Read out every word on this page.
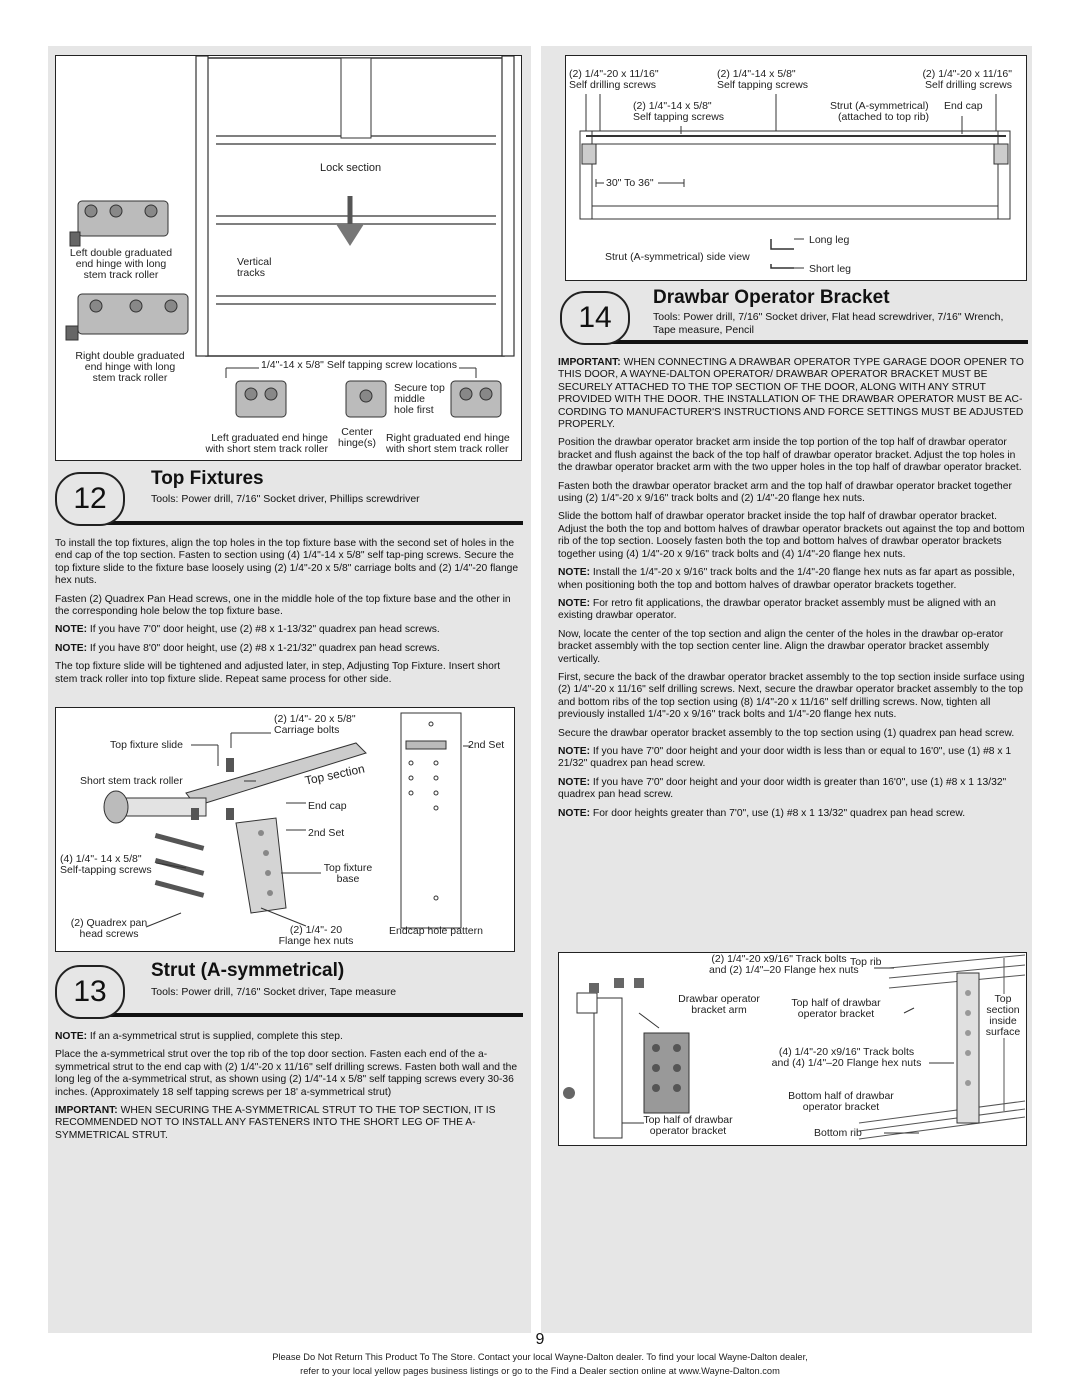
Lock section
Left double graduated
end hinge with long
stem track roller
Vertical
tracks
Right double graduated
end hinge with long
stem track roller
1/4"-14 x 5/8" Self tapping screw locations
Secure top
middle
hole first
Left graduated end hinge
with short stem track roller
Center
hinge(s) Right graduated end hinge
with short stem track roller
12
Top Fixtures
Tools: Power drill, 7/16" Socket driver, Phillips screwdriver

To install the top fixtures, align the top holes in the top fixture base with the second set of holes in the end cap of the top section. Fasten to section using (4) 1/4"-14 x 5/8" self tap-ping screws. Secure the top fixture slide to the fixture base loosely using (2) 1/4"-20 x 5/8" carriage bolts and (2) 1/4"-20 flange hex nuts.

Fasten (2) Quadrex Pan Head screws, one in the middle hole of the top fixture base and the other in the corresponding hole below the top fixture base.

NOTE: If you have 7'0" door height, use (2) #8 x 1-13/32" quadrex pan head screws.

NOTE: If you have 8'0" door height, use (2) #8 x 1-21/32" quadrex pan head screws.

The top fixture slide will be tightened and adjusted later, in step, Adjusting Top Fixture. Insert short stem track roller into top fixture slide. Repeat same process for other side.

(2) 1/4"- 20 x 5/8"
Carriage bolts
Top fixture slide	2nd Set
Short stem track roller	Top section
End cap
2nd Set
(4) 1/4"- 14 x 5/8"
Self-tapping screws	Top fixture
base
(2) Quadrex pan
head screws	(2) 1/4"- 20
Flange hex nuts
Endcap hole pattern
13
Strut (A-symmetrical)
Tools: Power drill, 7/16" Socket driver, Tape measure

NOTE: If an a-symmetrical strut is supplied, complete this step.

Place the a-symmetrical strut over the top rib of the top door section. Fasten each end of the a-symmetrical strut to the end cap with (2) 1/4"-20 x 11/16" self drilling screws. Fasten both wall and the long leg of the a-symmetrical strut, as shown using (2) 1/4"-14 x 5/8" self tapping screws every 30-36 inches. (Approximately 18 self tapping screws per 18' a-symmetrical strut)

IMPORTANT: WHEN SECURING THE A-SYMMETRICAL STRUT TO THE TOP SECTION, IT IS RECOMMENDED NOT TO INSTALL ANY FASTENERS INTO THE SHORT LEG OF THE A-SYMMETRICAL STRUT.

(2) 1/4"-20 x 11/16"
Self drilling screws
(2) 1/4"-14 x 5/8"
Self tapping screws
(2) 1/4"-20 x 11/16"
Self drilling screws
(2) 1/4"-14 x 5/8"
Self tapping screws
Strut (A-symmetrical)
(attached to top rib)
End cap
30" To 36"
Strut (A-symmetrical) side view
Long leg
Short leg
14
Drawbar Operator Bracket
Tools: Power drill, 7/16" Socket driver, Flat head screwdriver, 7/16" Wrench, Tape measure, Pencil

IMPORTANT: WHEN CONNECTING A DRAWBAR OPERATOR TYPE GARAGE DOOR OPENER TO THIS DOOR, A WAYNE-DALTON OPERATOR/ DRAWBAR OPERATOR BRACKET MUST BE SECURELY ATTACHED TO THE TOP SECTION OF THE DOOR, ALONG WITH ANY STRUT PROVIDED WITH THE DOOR. THE INSTALLATION OF THE DRAWBAR OPERATOR MUST BE AC-CORDING TO MANUFACTURER'S INSTRUCTIONS AND FORCE SETTINGS MUST BE ADJUSTED PROPERLY.

Position the drawbar operator bracket arm inside the top portion of the top half of drawbar operator bracket and flush against the back of the top half of drawbar operator bracket. Adjust the top holes in the drawbar operator bracket arm with the two upper holes in the top half of drawbar operator bracket.

Fasten both the drawbar operator bracket arm and the top half of drawbar operator bracket together using (2) 1/4"-20 x 9/16" track bolts and (2) 1/4"-20 flange hex nuts.

Slide the bottom half of drawbar operator bracket inside the top half of drawbar operator bracket. Adjust the both the top and bottom halves of drawbar operator brackets out against the top and bottom rib of the top section. Loosely fasten both the top and bottom halves of drawbar operator brackets together using (4) 1/4"-20 x 9/16" track bolts and (4) 1/4"-20 flange hex nuts.

NOTE: Install the 1/4"-20 x 9/16" track bolts and the 1/4"-20 flange hex nuts as far apart as possible, when positioning both the top and bottom halves of drawbar operator brackets together.

NOTE: For retro fit applications, the drawbar operator bracket assembly must be aligned with an existing drawbar operator.

Now, locate the center of the top section and align the center of the holes in the drawbar op-erator bracket assembly with the top section center line. Align the drawbar operator bracket assembly vertically.

First, secure the back of the drawbar operator bracket assembly to the top section inside surface using (2) 1/4"-20 x 11/16" self drilling screws. Next, secure the drawbar operator bracket assembly to the top and bottom ribs of the top section using (8) 1/4"-20 x 11/16" self drilling screws. Now, tighten all previously installed 1/4"-20 x 9/16" track bolts and 1/4"-20 flange hex nuts.

Secure the drawbar operator bracket assembly to the top section using (1) quadrex pan head screw.

NOTE: If you have 7'0" door height and your door width is less than or equal to 16'0", use (1) #8 x 1 21/32" quadrex pan head screw.

NOTE: If you have 7'0" door height and your door width is greater than 16'0", use (1) #8 x 1 13/32" quadrex pan head screw.

NOTE: For door heights greater than 7'0", use (1) #8 x 1 13/32" quadrex pan head screw.

(2) 1/4"-20 x9/16" Track bolts
and (2) 1/4"–20 Flange hex nuts
Top rib
Drawbar operator
bracket arm
Top half of drawbar
operator bracket
Top
section
inside
surface
(4) 1/4"-20 x9/16" Track bolts
and (4) 1/4"–20 Flange hex nuts
Bottom half of drawbar
operator bracket
Top half of drawbar
operator bracket	Bottom rib
9
Please Do Not Return This Product To The Store. Contact your local Wayne-Dalton dealer. To find your local Wayne-Dalton dealer,
refer to your local yellow pages business listings or go to the Find a Dealer section online at www.Wayne-Dalton.com
